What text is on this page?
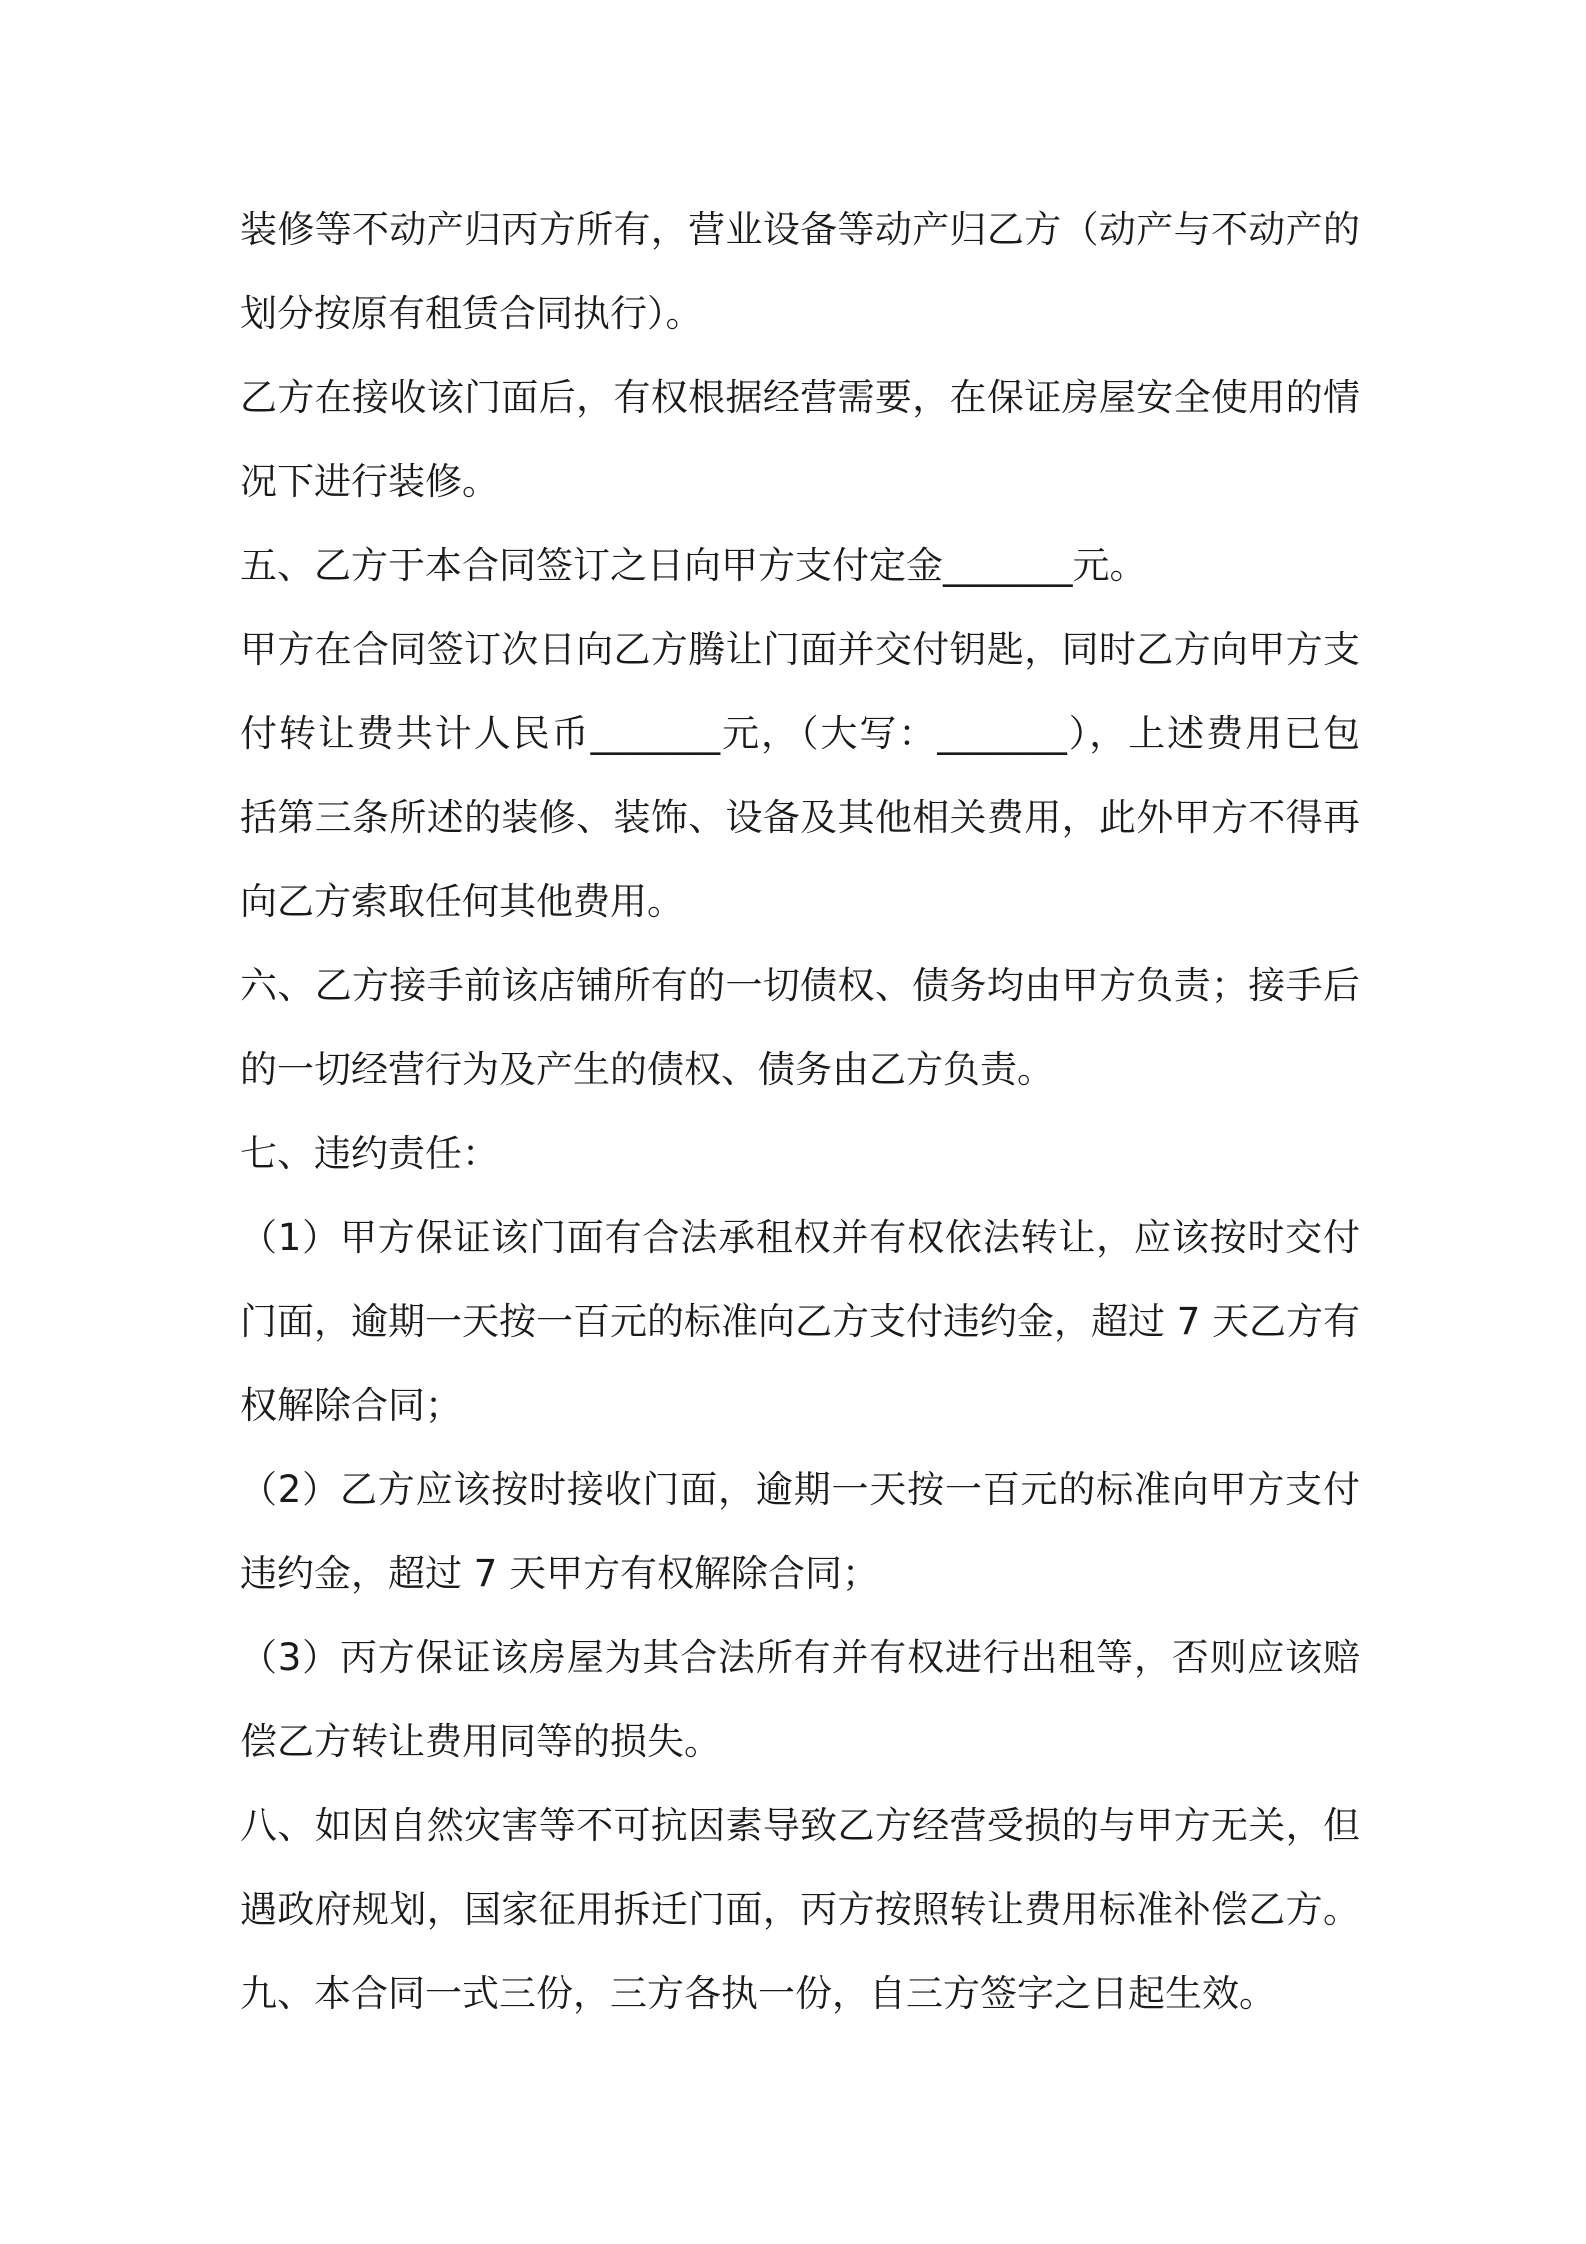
装修等不动产归丙方所有，营业设备等动产归乙方（动产与不动产的
划分按原有租赁合同执行）。
乙方在接收该门面后，有权根据经营需要，在保证房屋安全使用的情
况下进行装修。
五、乙方于本合同签订之日向甲方支付定金_______元。
甲方在合同签订次日向乙方腾让门面并交付钥匙，同时乙方向甲方支
付转让费共计人民币_______元，（大写：_______），上述费用已包
括第三条所述的装修、装饰、设备及其他相关费用，此外甲方不得再
向乙方索取任何其他费用。
六、乙方接手前该店铺所有的一切债权、债务均由甲方负责；接手后
的一切经营行为及产生的债权、债务由乙方负责。
七、违约责任：
（1）甲方保证该门面有合法承租权并有权依法转让，应该按时交付
门面，逾期一天按一百元的标准向乙方支付违约金，超过 7 天乙方有
权解除合同；
（2）乙方应该按时接收门面，逾期一天按一百元的标准向甲方支付
违约金，超过 7 天甲方有权解除合同；
（3）丙方保证该房屋为其合法所有并有权进行出租等，否则应该赔
偿乙方转让费用同等的损失。
八、如因自然灾害等不可抗因素导致乙方经营受损的与甲方无关，但
遇政府规划，国家征用拆迁门面，丙方按照转让费用标准补偿乙方。
九、本合同一式三份，三方各执一份，自三方签字之日起生效。
